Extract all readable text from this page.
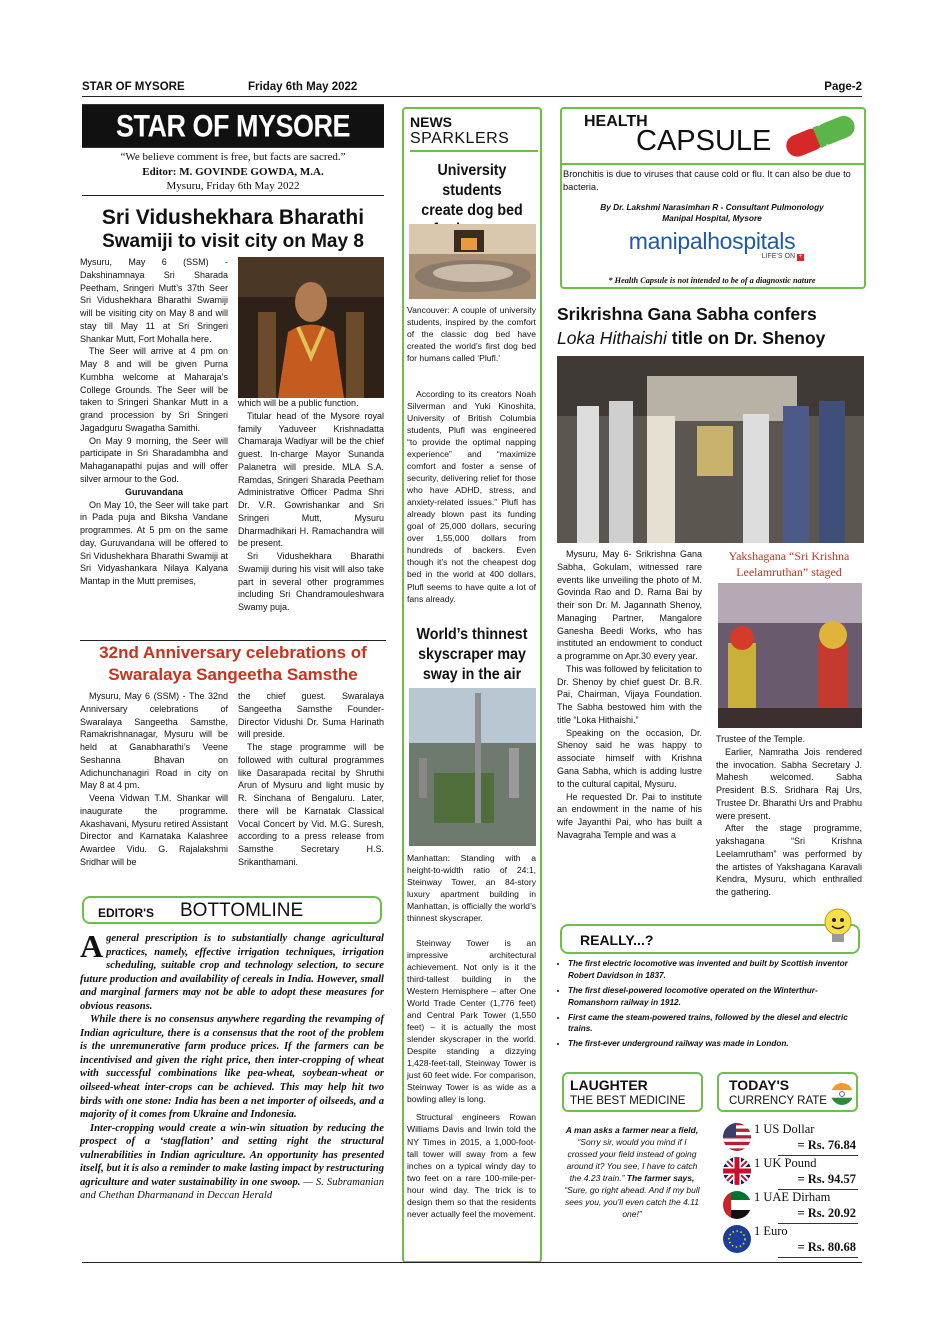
STAR OF MYSORE	Friday 6th May 2022	Page-2
STAR OF MYSORE
“We believe comment is free, but facts are sacred.”
Editor: M. GOVINDE GOWDA, M.A.
Mysuru, Friday 6th May 2022
Sri Vidushekhara Bharathi
Swamiji to visit city on May 8

Mysuru, May 6 (SSM) - Dakshinamnaya Sri Sharada Peetham, Sringeri Mutt’s 37th Seer Sri Vidushekhara Bharathi Swamiji will be visiting city on May 8 and will stay till May 11 at Sri Sringeri Shankar Mutt, Fort Mohalla here.

The Seer will arrive at 4 pm on May 8 and will be given Purna Kumbha welcome at Maharaja’s College Grounds. The Seer will be taken to Sringeri Shankar Mutt in a grand procession by Sri Sringeri Jagadguru Swagatha Samithi.

On May 9 morning, the Seer will participate in Sri Sharadambha and Mahaganapathi pujas and will offer silver armour to the God.

Guruvandana

On May 10, the Seer will take part in Pada puja and Biksha Vandane programmes. At 5 pm on the same day, Guruvandana will be offered to Sri Vidushekhara Bharathi Swamiji at Sri Vidyashankara Nilaya Kalyana Mantap in the Mutt premises,

which will be a public function.

Titular head of the Mysore royal family Yaduveer Krishnadatta Chamaraja Wadiyar will be the chief guest. In-charge Mayor Sunanda Palanetra will preside. MLA S.A. Ramdas, Sringeri Sharada Peetham Administrative Officer Padma Shri Dr. V.R. Gowrishankar and Sri Sringeri Mutt, Mysuru Dharmadhikari H. Ramachandra will be present.

Sri Vidushekhara Bharathi Swamiji during his visit will also take part in several other programmes including Sri Chandramouleshwara Swamy puja.

32nd Anniversary celebrations of
Swaralaya Sangeetha Samsthe

Mysuru, May 6 (SSM) - The 32nd Anniversary celebrations of Swaralaya Sangeetha Samsthe, Ramakrishnanagar, Mysuru will be held at Ganabharathi’s Veene Seshanna Bhavan on Adichunchanagiri Road in city on May 8 at 4 pm.

Veena Vidwan T.M. Shankar will inaugurate the programme. Akashavani, Mysuru retired Assistant Director and Karnataka Kalashree Awardee Vidu. G. Rajalakshmi Sridhar will be

the chief guest. Swaralaya Sangeetha Samsthe Founder-Director Vidushi Dr. Suma Harinath will preside.

The stage programme will be followed with cultural programmes like Dasarapada recital by Shruthi Arun of Mysuru and light music by R. Sinchana of Bengaluru. Later, there will be Karnatak Classical Vocal Concert by Vid. M.G. Suresh, according to a press release from Samsthe Secretary H.S. Srikanthamani.

EDITOR'S BOTTOMLINE

Ageneral prescription is to substantially change agricultural practices, namely, effective irrigation techniques, irrigation scheduling, suitable crop and technology selection, to secure future production and availability of cereals in India. However, small and marginal farmers may not be able to adopt these measures for obvious reasons.

While there is no consensus anywhere regarding the revamping of Indian agriculture, there is a consensus that the root of the problem is the unremunerative farm produce prices. If the farmers can be incentivised and given the right price, then inter-cropping of wheat with successful combinations like pea-wheat, soybean-wheat or oilseed-wheat inter-crops can be achieved. This may help hit two birds with one stone: India has been a net importer of oilseeds, and a majority of it comes from Ukraine and Indonesia.

Inter-cropping would create a win-win situation by reducing the prospect of a ‘stagflation’ and setting right the structural vulnerabilities in Indian agriculture. An opportunity has presented itself, but it is also a reminder to make lasting impact by restructuring agriculture and water sustainability in one swoop. — S. Subramanian and Chethan Dharmanand in Deccan Herald

NEWS
SPARKLERS
University students
create dog bed
Vancouver: A couple of university students, inspired by the comfort of the classic dog bed have created the world’s first dog bed for humans called ‘Plufl.’

According to its creators Noah Silverman and Yuki Kinoshita, University of British Columbia students, Plufl was engineered “to provide the optimal napping experience” and “maximize comfort and foster a sense of security, delivering relief for those who have ADHD, stress, and anxiety-related issues.” Plufl has already blown past its funding goal of 25,000 dollars, securing over 1,55,000 dollars from hundreds of backers. Even though it’s not the cheapest dog bed in the world at 400 dollars, Plufl seems to have quite a lot of fans already.

World’s thinnest
skyscraper may
sway in the air
Manhattan: Standing with a height-to-width ratio of 24:1, Steinway Tower, an 84-story luxury apartment building in Manhattan, is officially the world’s thinnest skyscraper.

Steinway Tower is an impressive architectural achievement. Not only is it the third-tallest building in the Western Hemisphere – after One World Trade Center (1,776 feet) and Central Park Tower (1,550 feet) – it is actually the most slender skyscraper in the world. Despite standing a dizzying 1,428-feet-tall, Steinway Tower is just 60 feet wide. For comparison, Steinway Tower is as wide as a bowling alley is long.

Structural engineers Rowan Williams Davis and Irwin told the NY Times in 2015, a 1,000-foot-tall tower will sway from a few inches on a typical windy day to two feet on a rare 100-mile-per-hour wind day. The trick is to design them so that the residents never actually feel the movement.

HEALTH
CAPSULE
Bronchitis is due to viruses that cause cold or flu. It can also be due to bacteria.
By Dr. Lakshmi Narasimhan R - Consultant Pulmonology
Manipal Hospital, Mysore
manipalhospitals
LIFE’S ON +
* Health Capsule is not intended to be of a diagnostic nature
Srikrishna Gana Sabha confers
Loka Hithaishi title on Dr. Shenoy

Mysuru, May 6- Srikrishna Gana Sabha, Gokulam, witnessed rare events like unveiling the photo of M. Govinda Rao and D. Rama Bai by their son Dr. M. Jagannath Shenoy, Managing Partner, Mangalore Ganesha Beedi Works, who has instituted an endowment to conduct a programme on Apr.30 every year.

This was followed by felicitation to Dr. Shenoy by chief guest Dr. B.R. Pai, Chairman, Vijaya Foundation. The Sabha bestowed him with the title “Loka Hithaishi.”

Speaking on the occasion, Dr. Shenoy said he was happy to associate himself with Krishna Gana Sabha, which is adding lustre to the cultural capital, Mysuru.

He requested Dr. Pai to institute an endowment in the name of his wife Jayanthi Pai, who has built a Navagraha Temple and was a

Yakshagana “Sri Krishna
Leelamruthan” staged

Trustee of the Temple.

Earlier, Namratha Jois rendered the invocation. Sabha Secretary J. Mahesh welcomed. Sabha President B.S. Sridhara Raj Urs, Trustee Dr. Bharathi Urs and Prabhu were present.

After the stage programme, yakshagana “Sri Krishna Leelamrutham” was performed by the artistes of Yakshagana Karavali Kendra, Mysuru, which enthralled the gathering.

REALLY...?
• The first electric locomotive was invented and built by Scottish inventor Robert Davidson in 1837.
• The first diesel-powered locomotive operated on the Winterthur-Romanshorn railway in 1912.
• First came the steam-powered trains, followed by the diesel and electric trains.
• The first-ever underground railway was made in London.
LAUGHTER
THE BEST MEDICINE
A man asks a farmer near a field, “Sorry sir, would you mind if I crossed your field instead of going around it? You see, I have to catch the 4.23 train.” The farmer says, “Sure, go right ahead. And if my bull sees you, you’ll even catch the 4.11 one!”
TODAY'S
CURRENCY RATE
1 US Dollar
= Rs. 76.84
1 UK Pound
= Rs. 94.57
1 UAE Dirham
= Rs. 20.92
1 Euro
= Rs. 80.68
